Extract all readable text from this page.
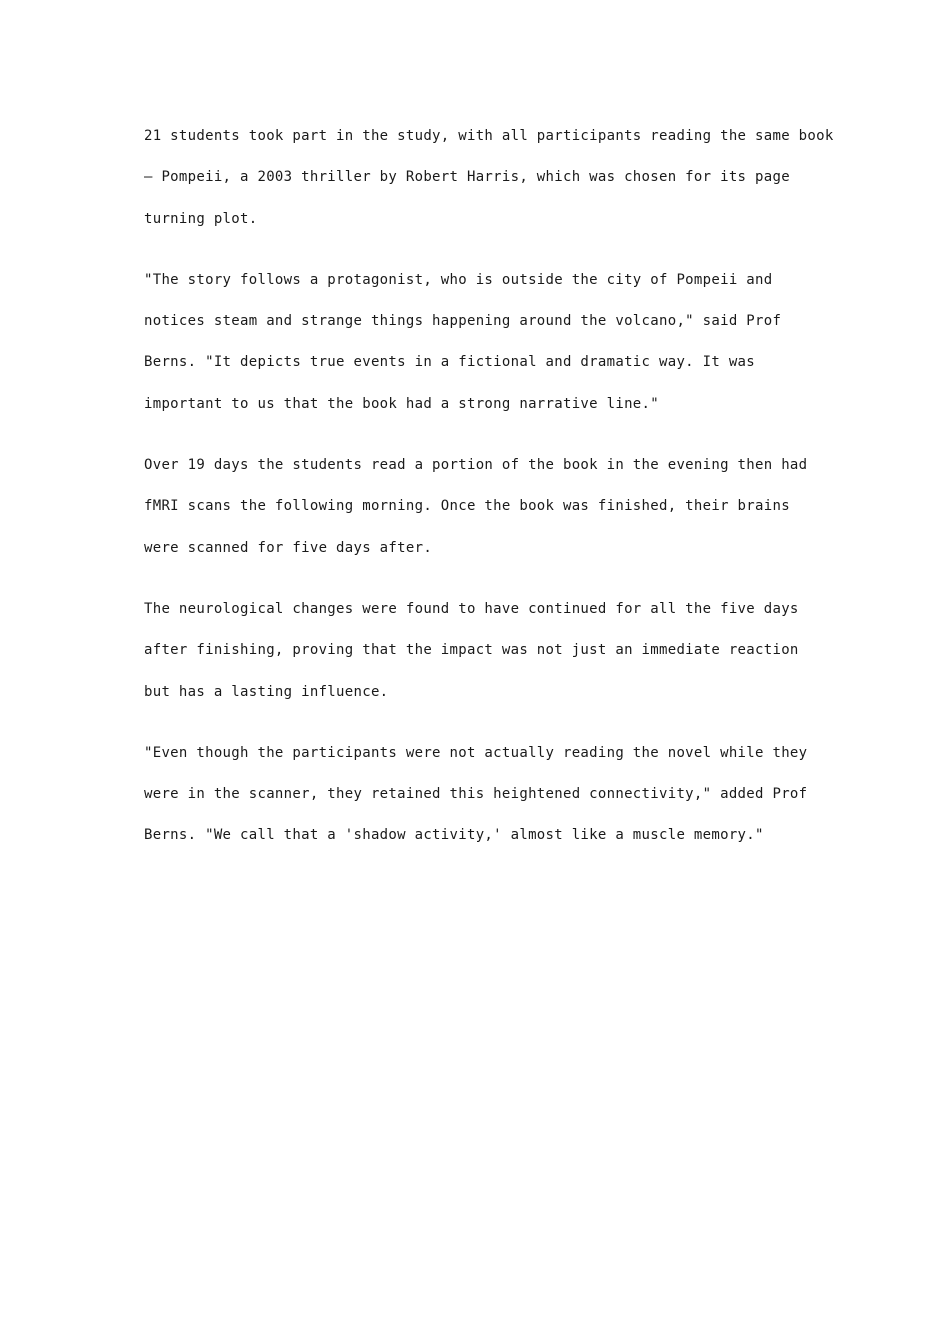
21 students took part in the study, with all participants reading the same book
– Pompeii, a 2003 thriller by Robert Harris, which was chosen for its page
turning plot.

"The story follows a protagonist, who is outside the city of Pompeii and
notices steam and strange things happening around the volcano," said Prof
Berns. "It depicts true events in a fictional and dramatic way. It was
important to us that the book had a strong narrative line."

Over 19 days the students read a portion of the book in the evening then had
fMRI scans the following morning. Once the book was finished, their brains
were scanned for five days after.

The neurological changes were found to have continued for all the five days
after finishing, proving that the impact was not just an immediate reaction
but has a lasting influence.

"Even though the participants were not actually reading the novel while they
were in the scanner, they retained this heightened connectivity," added Prof
Berns. "We call that a 'shadow activity,' almost like a muscle memory."
